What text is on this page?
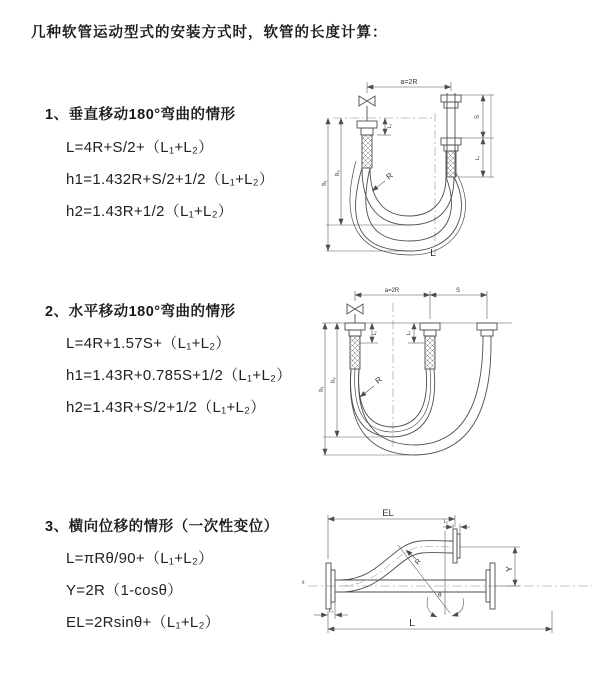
几种软管运动型式的安装方式时，软管的长度计算：
1、垂直移动180°弯曲的情形
L=4R+S/2+（L₁+L₂）
h1=1.432R+S/2+1/2（L₁+L₂）
h2=1.43R+1/2（L₁+L₂）
2、水平移动180°弯曲的情形
L=4R+1.57S+（L₁+L₂）
h1=1.43R+0.785S+1/2（L₁+L₂）
h2=1.43R+S/2+1/2（L₁+L₂）
3、横向位移的情形（一次性变位）
L=πRθ/90+（L₁+L₂）
Y=2R（1-cosθ）
EL=2Rsinθ+（L₁+L₂）
a=2R
L₁
S
L₂
h₁
h₂	R
L
a=2R	S
L₁	L₂
h₁
h₂	R
EL
L₂
Y
R
θ
L₁
L
x̄
